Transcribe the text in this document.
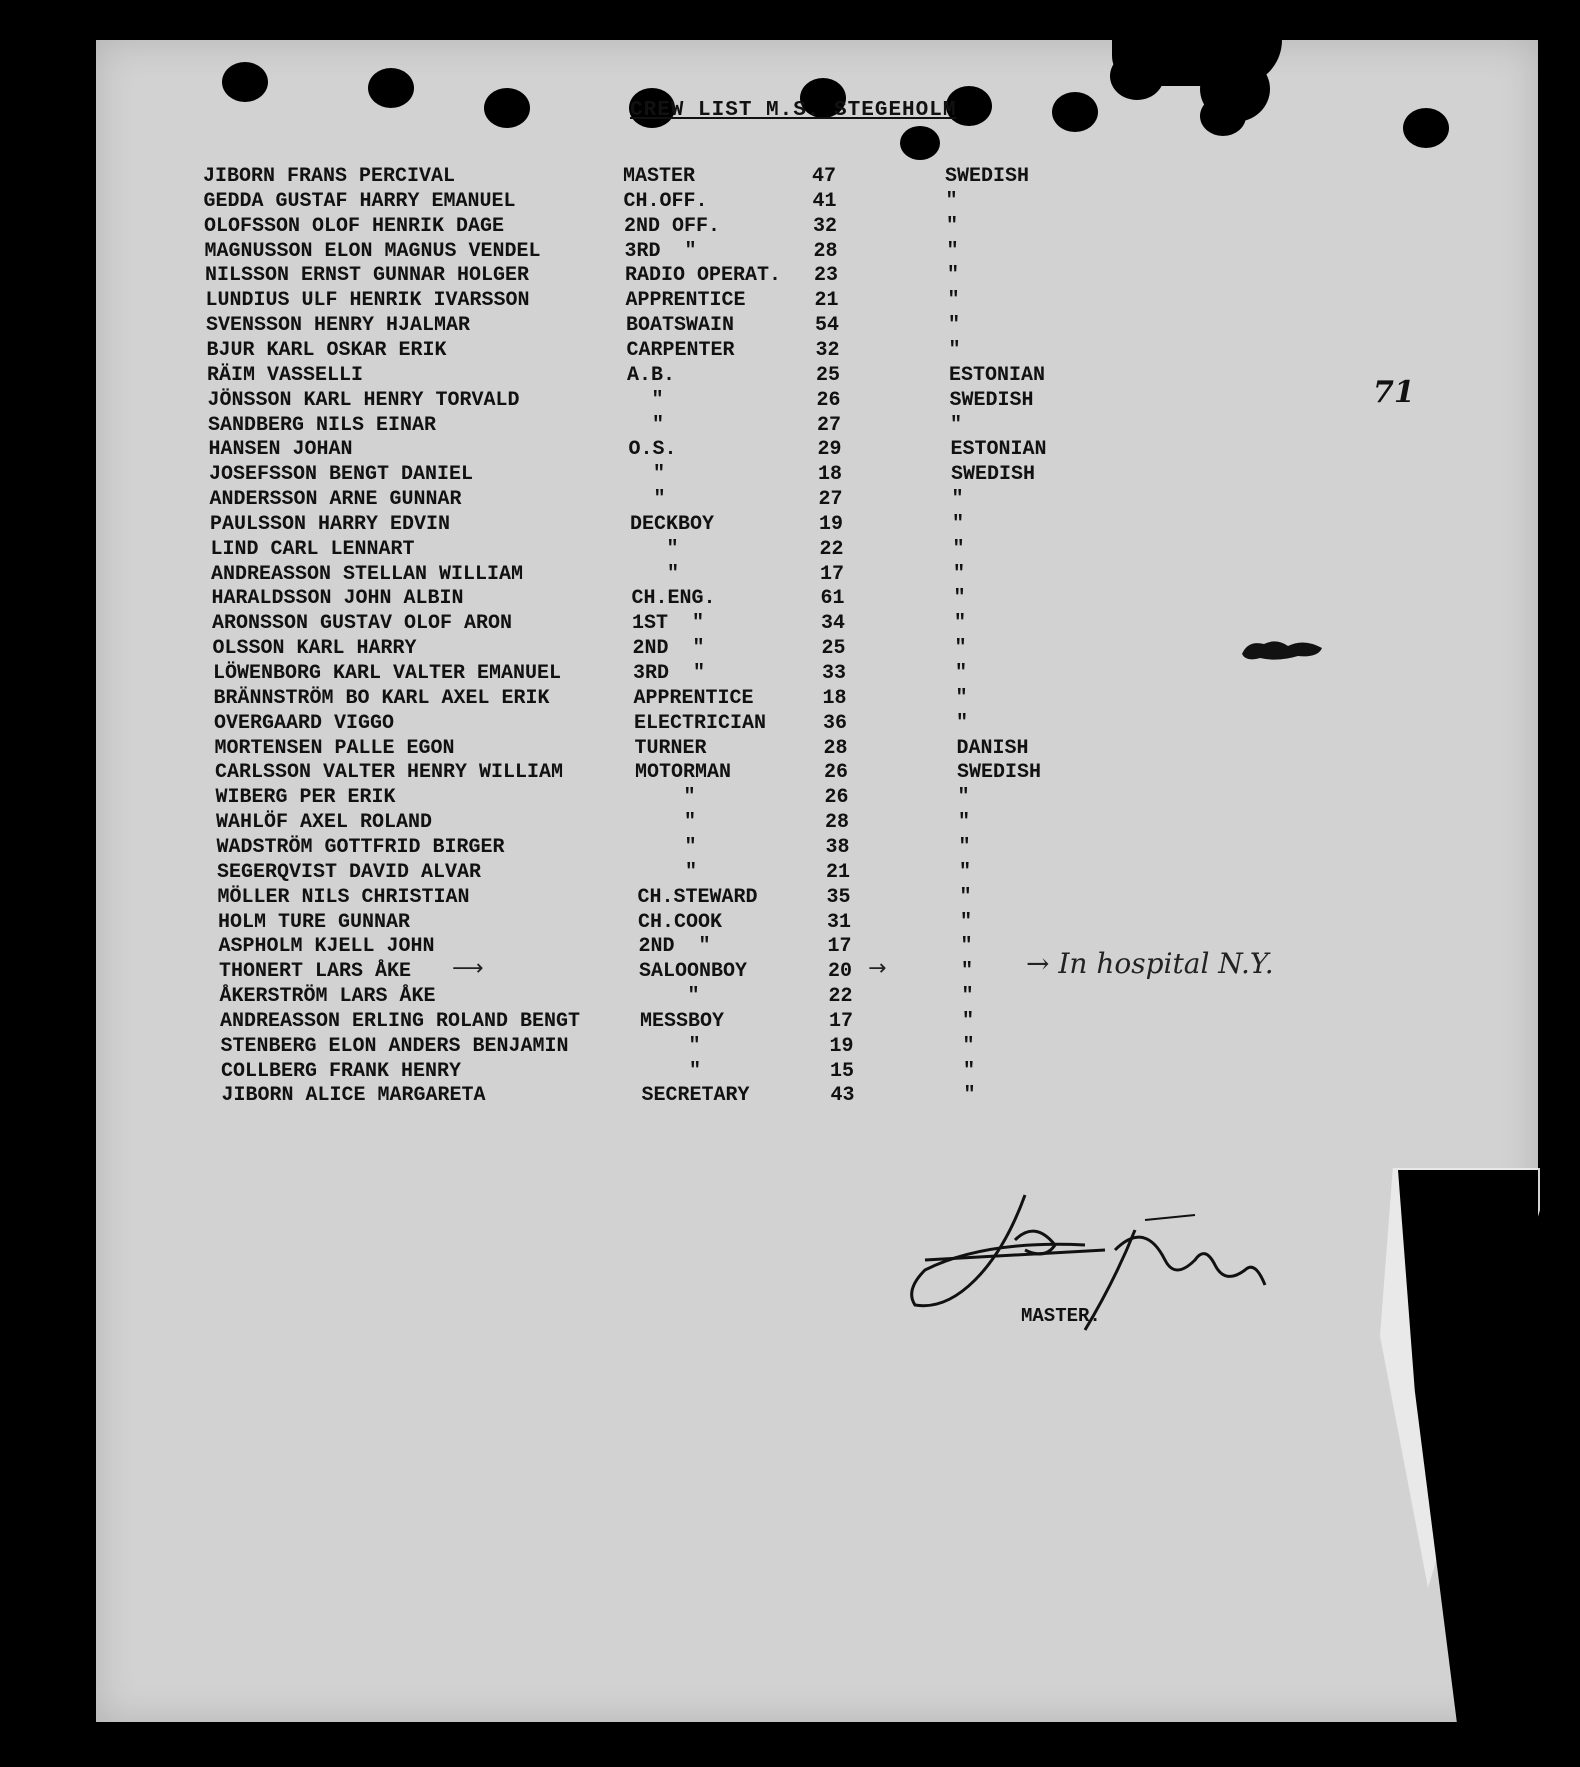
CREW LIST M.S. STEGEHOLM
JIBORN FRANS PERCIVAL	MASTER	47	SWEDISH
GEDDA GUSTAF HARRY EMANUEL	CH.OFF.	41	"
OLOFSSON OLOF HENRIK DAGE	2ND OFF.	32	"
MAGNUSSON ELON MAGNUS VENDEL	3RD  "	28	"
NILSSON ERNST GUNNAR HOLGER	RADIO OPERAT. 23	"
LUNDIUS ULF HENRIK IVARSSON	APPRENTICE	21	"
SVENSSON HENRY HJALMAR	BOATSWAIN	54	"
BJUR KARL OSKAR ERIK	CARPENTER	32	"
RÄIM VASSELLI	A.B.	25	ESTONIAN
JÖNSSON KARL HENRY TORVALD	"	26	SWEDISH
SANDBERG NILS EINAR	"	27	"
HANSEN JOHAN	O.S.	29	ESTONIAN
JOSEFSSON BENGT DANIEL	"	18	SWEDISH
ANDERSSON ARNE GUNNAR	"	27	"
PAULSSON HARRY EDVIN	DECKBOY	19	"
LIND CARL LENNART	"	22	"
ANDREASSON STELLAN WILLIAM	"	17	"
HARALDSSON JOHN ALBIN	CH.ENG.	61	"
ARONSSON GUSTAV OLOF ARON	1ST  "	34	"
OLSSON KARL HARRY	2ND  "	25	"
LÖWENBORG KARL VALTER EMANUEL	3RD  "	33	"
BRÄNNSTRÖM BO KARL AXEL ERIK	APPRENTICE	18	"
OVERGAARD VIGGO	ELECTRICIAN	36	"
MORTENSEN PALLE EGON	TURNER	28	DANISH
CARLSSON VALTER HENRY WILLIAM	MOTORMAN	26	SWEDISH
WIBERG PER ERIK	"	26	"
WAHLÖF AXEL ROLAND	"	28	"
WADSTRÖM GOTTFRID BIRGER	"	38	"
SEGERQVIST DAVID ALVAR	"	21	"
MÖLLER NILS CHRISTIAN	CH.STEWARD	35	"
HOLM TURE GUNNAR	CH.COOK	31	"
ASPHOLM KJELL JOHN	2ND  "	17	"
THONERT LARS ÅKE	SALOONBOY	20	"
ÅKERSTRÖM LARS ÅKE	"	22	"
ANDREASSON ERLING ROLAND BENGT	MESSBOY	17	"
STENBERG ELON ANDERS BENJAMIN	"	19	"
COLLBERG FRANK HENRY	"	15	"
JIBORN ALICE MARGARETA	SECRETARY	43	"
71
⟶	→	→ In hospital N.Y.
MASTER.
